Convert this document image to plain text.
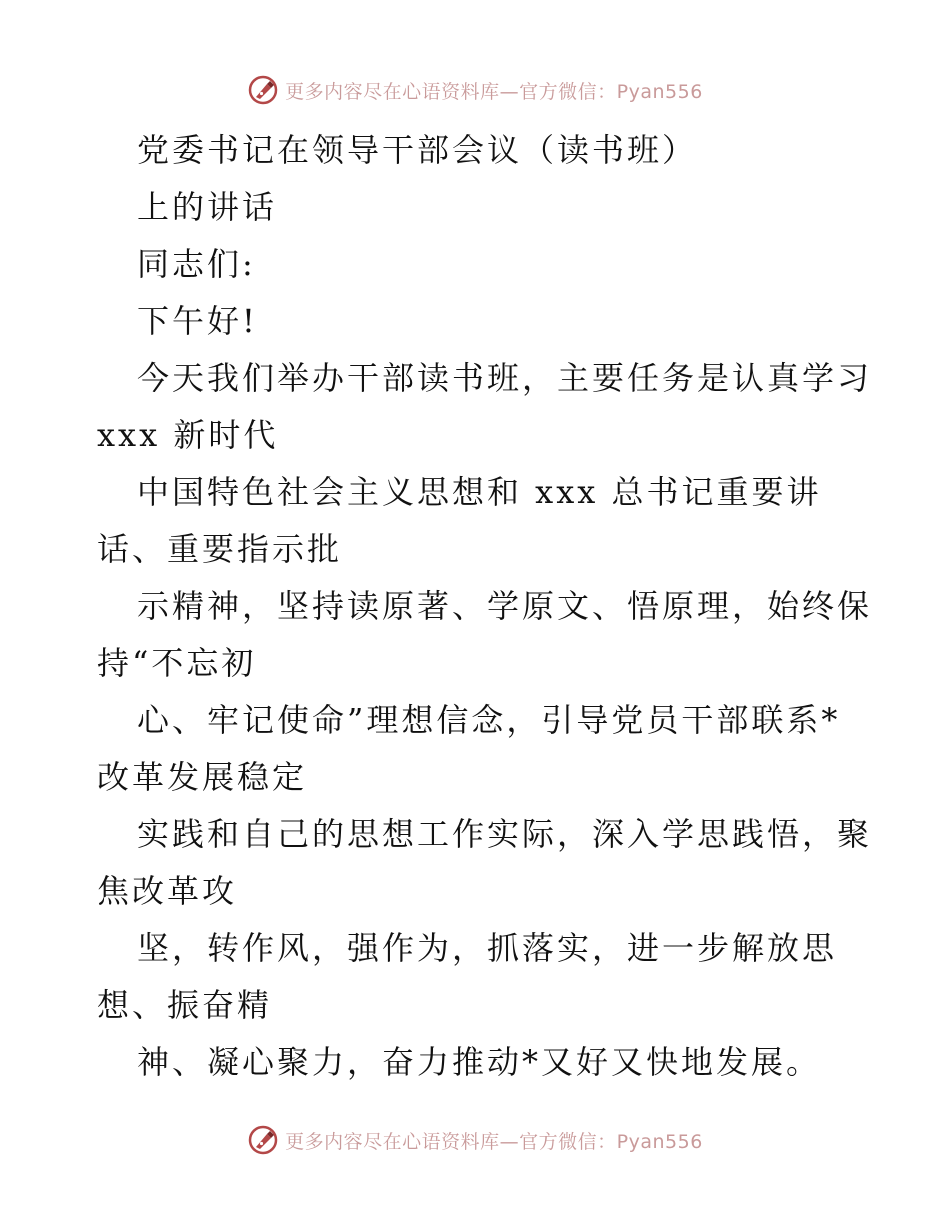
更多内容尽在心语资料库—官方微信：Pyan556
党委书记在领导干部会议（读书班）
上的讲话
同志们:
下午好!
今天我们举办干部读书班，主要任务是认真学习
xxx 新时代
中国特色社会主义思想和 xxx 总书记重要讲
话、重要指示批
示精神，坚持读原著、学原文、悟原理，始终保
持“不忘初
心、牢记使命”理想信念，引导党员干部联系*
改革发展稳定
实践和自己的思想工作实际，深入学思践悟，聚
焦改革攻
坚，转作风，强作为，抓落实，进一步解放思
想、振奋精
神、凝心聚力，奋力推动*又好又快地发展。
更多内容尽在心语资料库—官方微信：Pyan556
